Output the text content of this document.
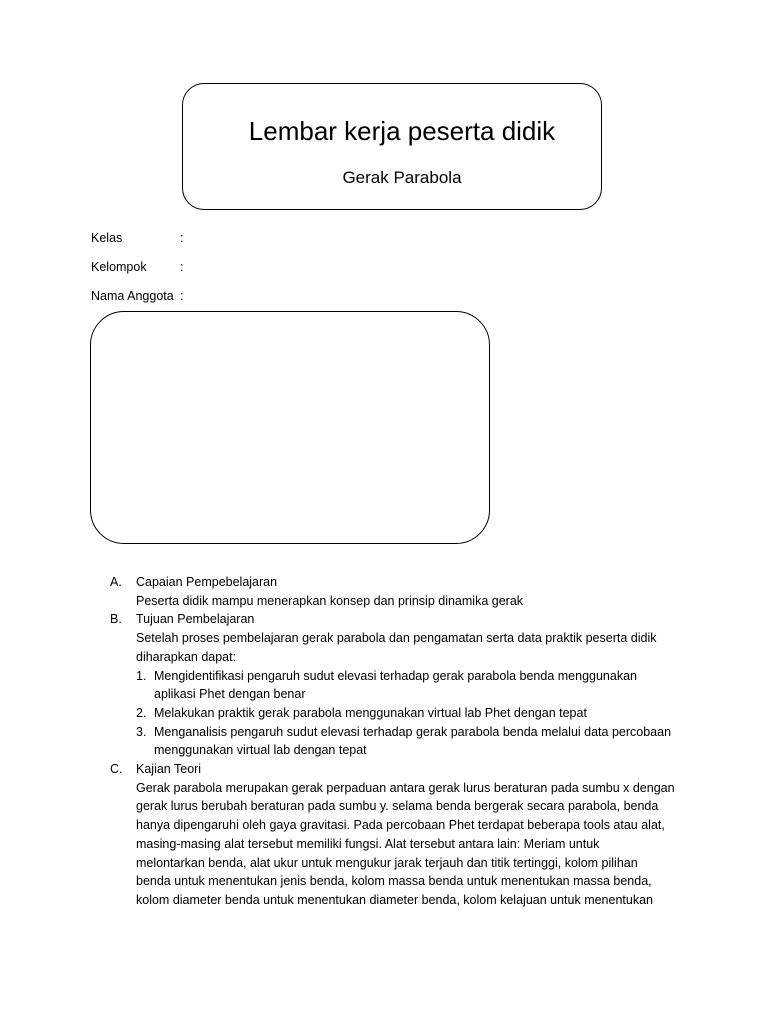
Lembar kerja peserta didik
Gerak Parabola
Kelas	:
Kelompok	:
Nama Anggota :
A. Capaian Pempebelajaran
Peserta didik mampu menerapkan konsep dan prinsip dinamika gerak
B. Tujuan Pembelajaran
Setelah proses pembelajaran gerak parabola dan pengamatan serta data praktik peserta didik
diharapkan dapat:
1. Mengidentifikasi pengaruh sudut elevasi terhadap gerak parabola benda menggunakan
aplikasi Phet dengan benar
2. Melakukan praktik gerak parabola menggunakan virtual lab Phet dengan tepat
3. Menganalisis pengaruh sudut elevasi terhadap gerak parabola benda melalui data percobaan
menggunakan virtual lab dengan tepat
C. Kajian Teori
Gerak parabola merupakan gerak perpaduan antara gerak lurus beraturan pada sumbu x dengan
gerak lurus berubah beraturan pada sumbu y. selama benda bergerak secara parabola, benda
hanya dipengaruhi oleh gaya gravitasi. Pada percobaan Phet terdapat beberapa tools atau alat,
masing-masing alat tersebut memiliki fungsi. Alat tersebut antara lain: Meriam untuk
melontarkan benda, alat ukur untuk mengukur jarak terjauh dan titik tertinggi, kolom pilihan
benda untuk menentukan jenis benda, kolom massa benda untuk menentukan massa benda,
kolom diameter benda untuk menentukan diameter benda, kolom kelajuan untuk menentukan
